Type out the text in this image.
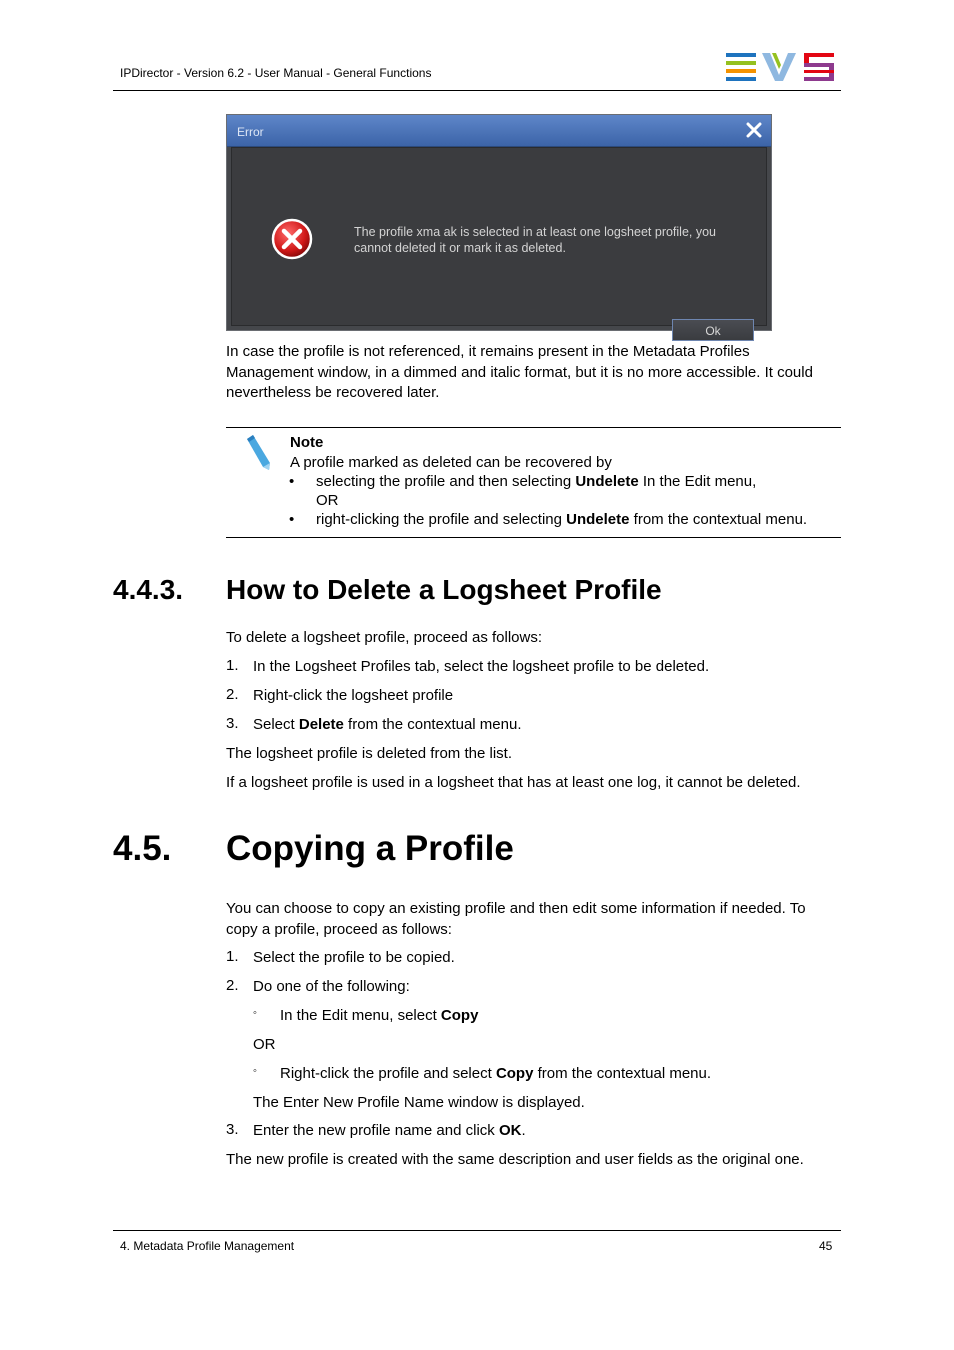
IPDirector - Version 6.2 - User Manual - General Functions
Error
The profile xma ak is selected in at least one logsheet profile, you cannot deleted it or mark it as deleted.
Ok
In case the profile is not referenced, it remains present in the Metadata Profiles Management window, in a dimmed and italic format, but it is no more accessible. It could nevertheless be recovered later.
Note
A profile marked as deleted can be recovered by
• selecting the profile and then selecting Undelete In the Edit menu,
OR
• right-clicking the profile and selecting Undelete from the contextual menu.
4.4.3. How to Delete a Logsheet Profile
To delete a logsheet profile, proceed as follows:
1. In the Logsheet Profiles tab, select the logsheet profile to be deleted.
2. Right-click the logsheet profile
3. Select Delete from the contextual menu.
The logsheet profile is deleted from the list.
If a logsheet profile is used in a logsheet that has at least one log, it cannot be deleted.
4.5. Copying a Profile
You can choose to copy an existing profile and then edit some information if needed. To copy a profile, proceed as follows:
1. Select the profile to be copied.
2. Do one of the following:
◦ In the Edit menu, select Copy
OR
◦ Right-click the profile and select Copy from the contextual menu.
The Enter New Profile Name window is displayed.
3. Enter the new profile name and click OK.
The new profile is created with the same description and user fields as the original one.
4. Metadata Profile Management	45
